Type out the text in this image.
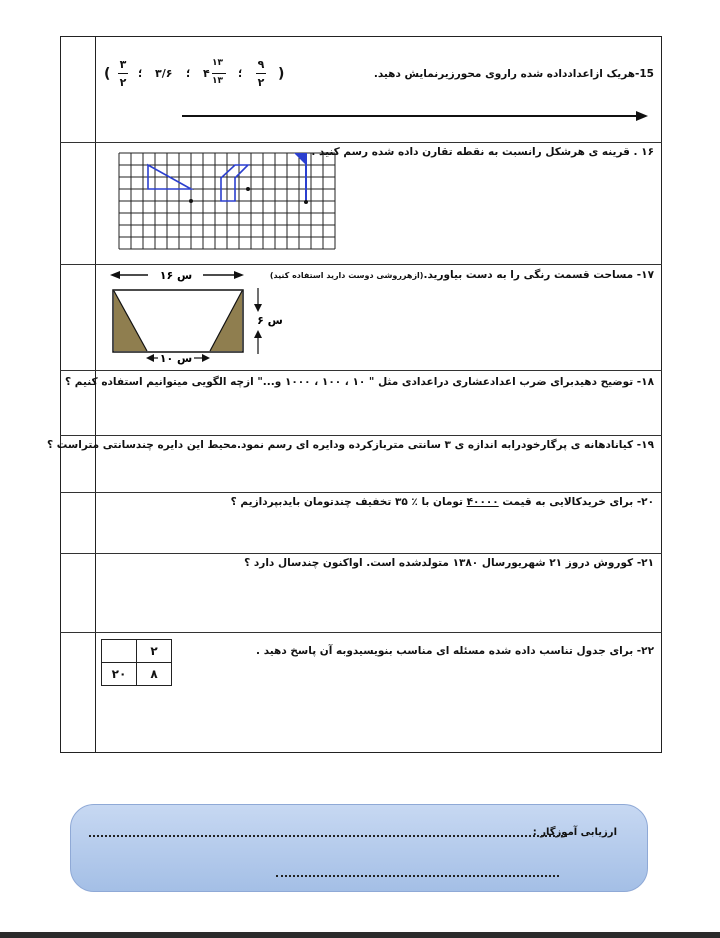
15-هریک ازاعدادداده شده راروی محورزیرنمایش دهید.
(
۳
۲
؛ ۳/۶ ؛ ۴
۱۳
۱۳
؛
۹
۲
)
۱۶ . قرینه ی هرشکل رانسبت به نقطه تقارن داده شده رسم کنید .
۱۷- مساحت قسمت رنگی را به دست بیاورید.(ازهرروشی دوست دارید استفاده کنید)
۱۶ س
۶ س
۱۰ س
۱۸- توضیح دهیدبرای ضرب اعدادعشاری دراعدادی مثل " ۱۰ ، ۱۰۰ ، ۱۰۰۰ و..." ازچه الگویی میتوانیم استفاده کنیم ؟
۱۹- کیانادهانه ی پرگارخودرابه اندازه ی ۳ سانتی متربازکرده ودایره ای رسم نمود.محیط این دایره چندسانتی متراست ؟
۲۰- برای خریدکالایی به قیمت ۴۰۰۰۰ تومان با ٪ ۳۵ تخفیف چندتومان بایدبپردازیم ؟
۲۱- کوروش دروز ۲۱ شهریورسال ۱۳۸۰ متولدشده است. اواکنون چندسال دارد ؟
۲۲- برای جدول تناسب داده شده مسئله ای مناسب بنویسیدوبه آن پاسخ دهید .
	۲
۲۰	۸
ارزیابی آموزگار :
